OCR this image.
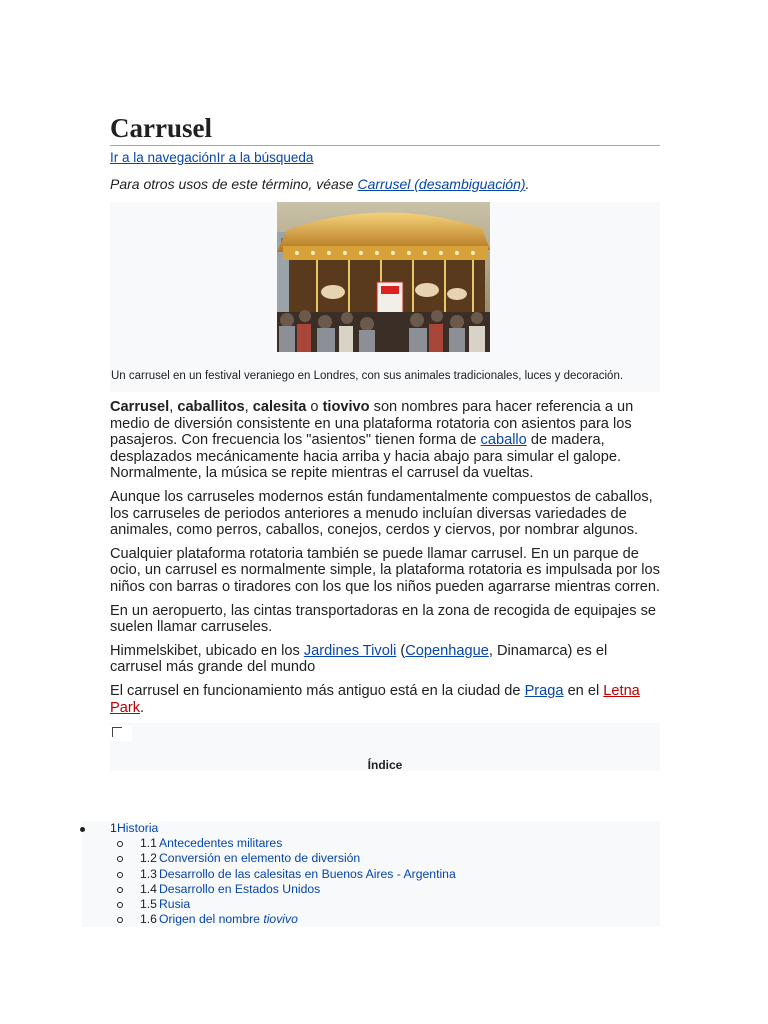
Carrusel
Ir a la navegaciónIr a la búsqueda
Para otros usos de este término, véase Carrusel (desambiguación).
Un carrusel en un festival veraniego en Londres, con sus animales tradicionales, luces y decoración.

Carrusel, caballitos, calesita o tiovivo son nombres para hacer referencia a un medio de diversión consistente en una plataforma rotatoria con asientos para los pasajeros. Con frecuencia los "asientos" tienen forma de caballo de madera, desplazados mecánicamente hacia arriba y hacia abajo para simular el galope. Normalmente, la música se repite mientras el carrusel da vueltas.

Aunque los carruseles modernos están fundamentalmente compuestos de caballos, los carruseles de periodos anteriores a menudo incluían diversas variedades de animales, como perros, caballos, conejos, cerdos y ciervos, por nombrar algunos.

Cualquier plataforma rotatoria también se puede llamar carrusel. En un parque de ocio, un carrusel es normalmente simple, la plataforma rotatoria es impulsada por los niños con barras o tiradores con los que los niños pueden agarrarse mientras corren.

En un aeropuerto, las cintas transportadoras en la zona de recogida de equipajes se suelen llamar carruseles.

Himmelskibet, ubicado en los Jardines Tivoli (Copenhague, Dinamarca) es el carrusel más grande del mundo

El carrusel en funcionamiento más antiguo está en la ciudad de Praga en el Letna Park.

Índice
1 Historia
1.1 Antecedentes militares
1.2 Conversión en elemento de diversión
1.3 Desarrollo de las calesitas en Buenos Aires - Argentina
1.4 Desarrollo en Estados Unidos
1.5 Rusia
1.6 Origen del nombre tiovivo
